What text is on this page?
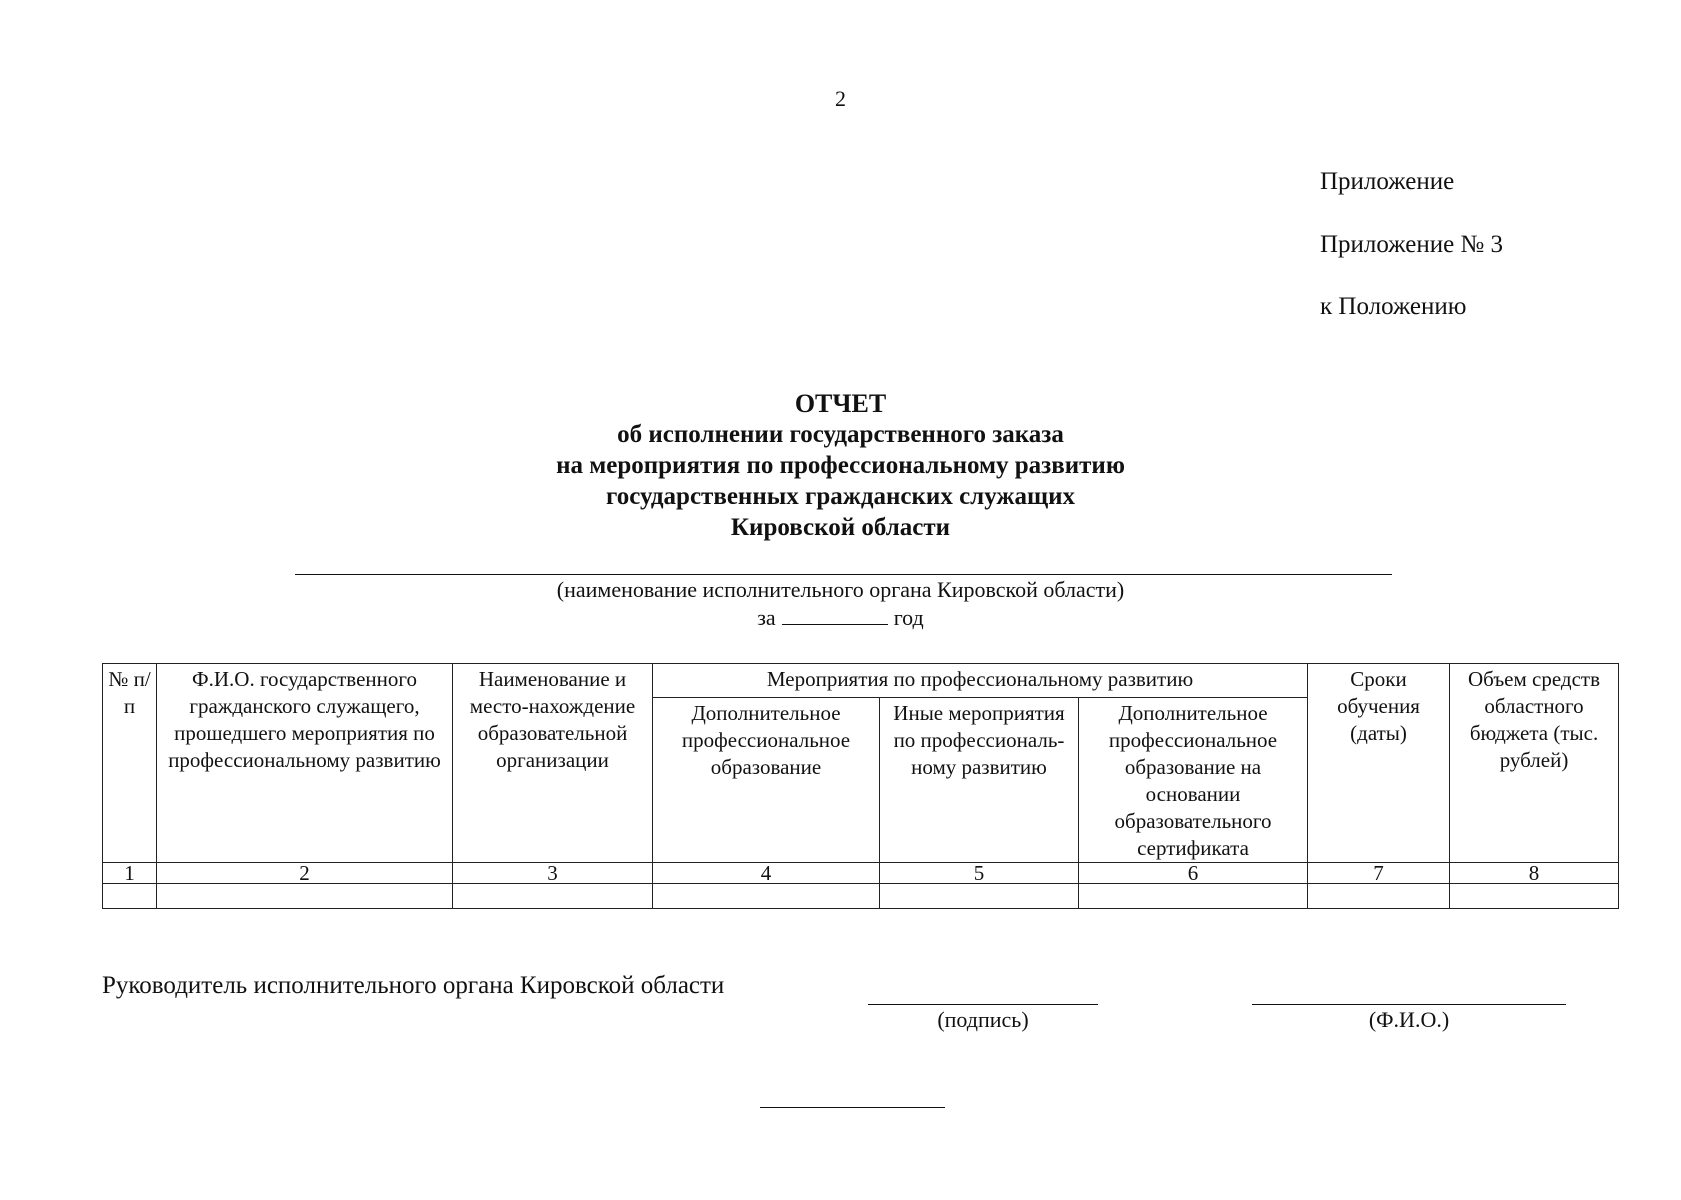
2
Приложение
Приложение № 3
к Положению
ОТЧЕТ
об исполнении государственного заказа
на мероприятия по профессиональному развитию
государственных гражданских служащих
Кировской области
(наименование исполнительного органа Кировской области)
за	год
№ п/п	Ф.И.О. государственного гражданского служащего, прошедшего мероприятия по профессиональному развитию	Наименование и место-нахождение образовательной организации	Мероприятия по профессиональному развитию			Сроки обучения (даты)	Объем средств областного бюджета (тыс. рублей)
			Дополнительное профессиональное образование	Иные мероприятия по профессиональ-ному развитию	Дополнительное профессиональное образование на основании образовательного сертификата		
1	2	3	4	5	6	7	8

Руководитель исполнительного органа Кировской области
(подпись)	(Ф.И.О.)
